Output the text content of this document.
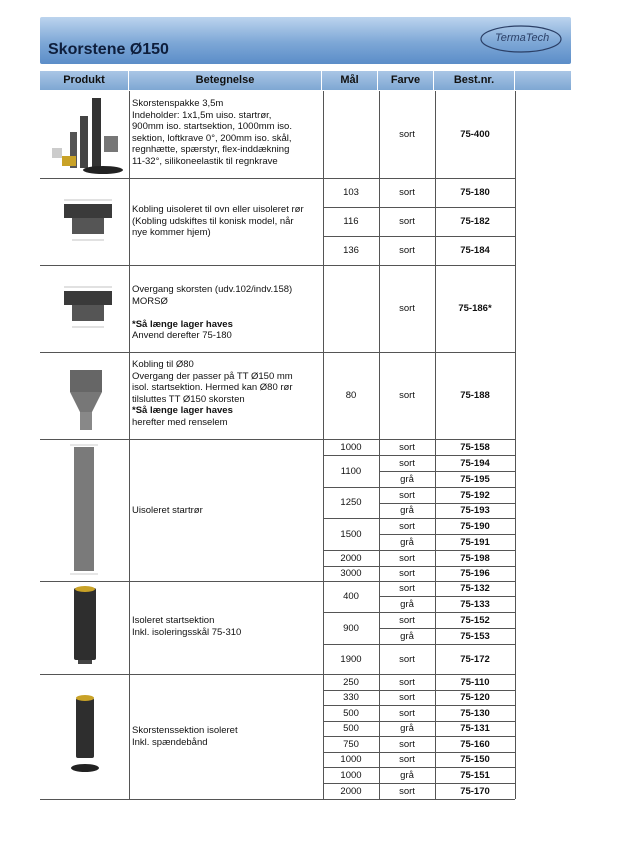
Skorstene Ø150
TermaTech
Produkt	Betegnelse	Mål	Farve	Best.nr.
Skorstenspakke 3,5m
Indeholder: 1x1,5m uiso. startrør,
900mm iso. startsektion, 1000mm iso.
sektion, loftkrave 0°, 200mm iso. skål,
regnhætte, spærstyr, flex-inddækning
11-32°, silikoneelastik til regnkrave
sort	75-400
Kobling uisoleret til ovn eller uisoleret rør
(Kobling udskiftes til konisk model, når
nye kommer hjem)
103	sort	75-180
116	sort	75-182
136	sort	75-184
Overgang skorsten (udv.102/indv.158)
MORSØ
*Så længe lager haves
Anvend derefter 75-180
sort	75-186*
Kobling til Ø80
Overgang der passer på TT Ø150 mm
isol. startsektion. Hermed kan Ø80 rør
tilsluttes TT Ø150 skorsten
*Så længe lager haves
herefter med renselem
80	sort	75-188
Uisoleret startrør
1000	sort	75-158
1100
sort	75-194
grå	75-195
1250
sort	75-192
grå	75-193
1500
sort	75-190
grå	75-191
2000	sort	75-198
3000	sort	75-196
Isoleret startsektion
Inkl. isoleringsskål 75-310
400
sort	75-132
grå	75-133
900
sort	75-152
grå	75-153
1900	sort	75-172
Skorstenssektion isoleret
Inkl. spændebånd
250	sort	75-110
330	sort	75-120
500	sort	75-130
500	grå	75-131
750	sort	75-160
1000	sort	75-150
1000	grå	75-151
2000	sort	75-170
